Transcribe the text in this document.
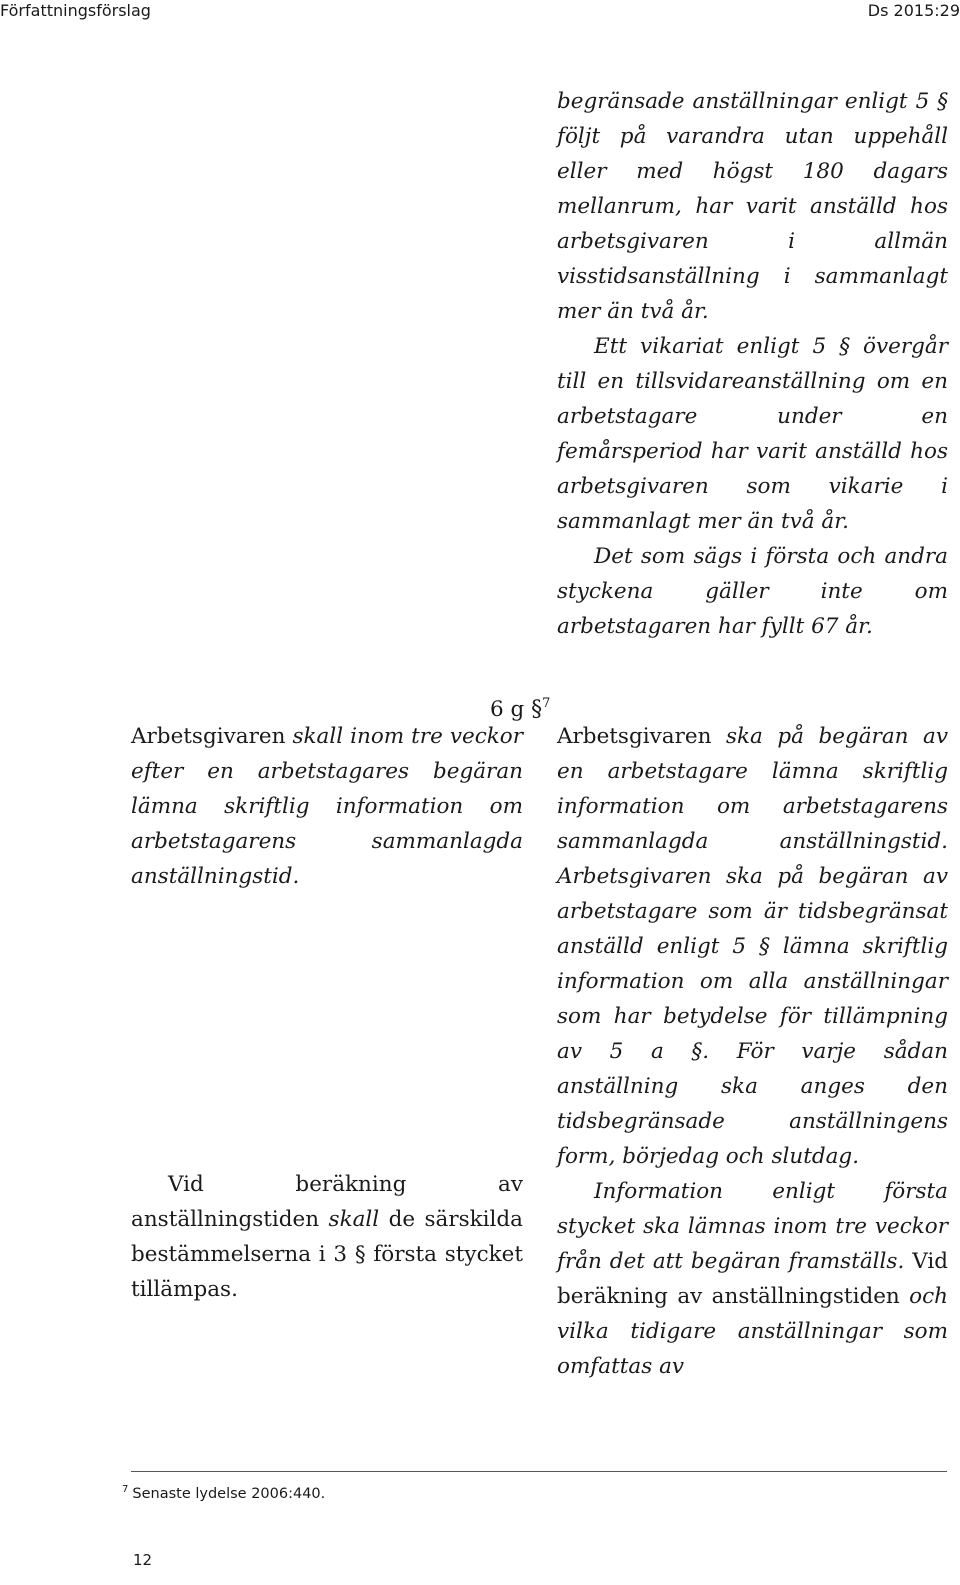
Författningsförslag	Ds 2015:29

begränsade anställningar enligt 5 § följt på varandra utan uppehåll eller med högst 180 dagars mellanrum, har varit anställd hos arbetsgivaren i allmän visstidsanställning i sammanlagt mer än två år.

Ett vikariat enligt 5 § övergår till en tillsvidareanställning om en arbetstagare under en femårsperiod har varit anställd hos arbetsgivaren som vikarie i sammanlagt mer än två år.

Det som sägs i första och andra styckena gäller inte om arbetstagaren har fyllt 67 år.

6 g §$^7$

Arbetsgivaren skall inom tre veckor efter en arbetstagares begäran lämna skriftlig information om arbetstagarens sammanlagda anställningstid.

Vid beräkning av anställningstiden skall de särskilda bestämmelserna i 3 § första stycket tillämpas.

Arbetsgivaren ska på begäran av en arbetstagare lämna skriftlig information om arbetstagarens sammanlagda anställningstid. Arbetsgivaren ska på begäran av arbetstagare som är tidsbegränsat anställd enligt 5 § lämna skriftlig information om alla anställningar som har betydelse för tillämpning av 5 a §. För varje sådan anställning ska anges den tidsbegränsade anställningens form, börjedag och slutdag.

Information enligt första stycket ska lämnas inom tre veckor från det att begäran framställs. Vid beräkning av anställningstiden och vilka tidigare anställningar som omfattas av

$^7$ Senaste lydelse 2006:440.
12
